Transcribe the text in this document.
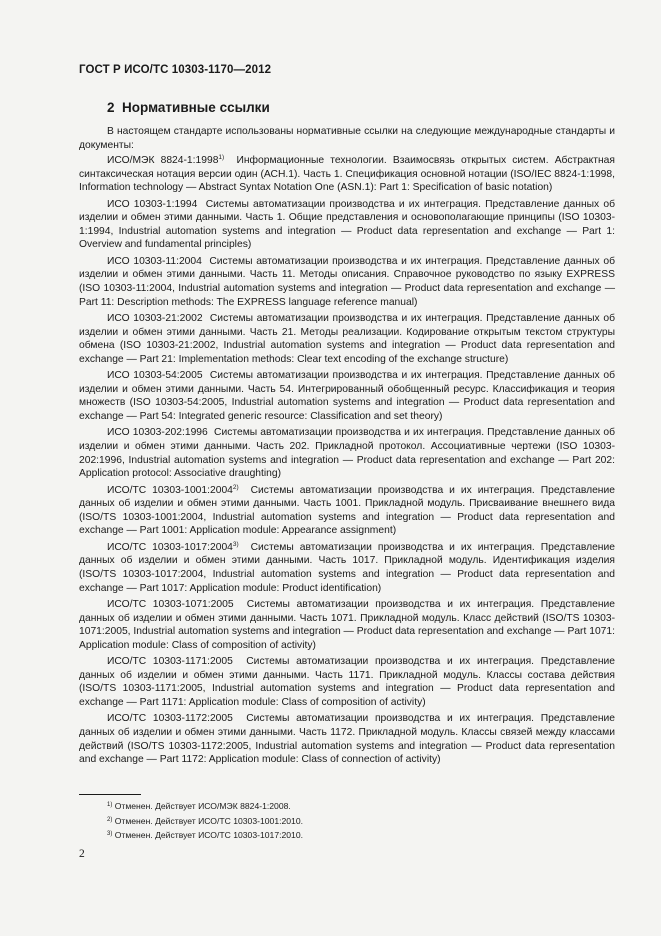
ГОСТ Р ИСО/ТС 10303-1170—2012
2 Нормативные ссылки

В настоящем стандарте использованы нормативные ссылки на следующие международные стандарты и документы:

ИСО/МЭК 8824-1:1998$^{1)}$ Информационные технологии. Взаимосвязь открытых систем. Абстрактная синтаксическая нотация версии один (АСН.1). Часть 1. Спецификация основной нотации (ISO/IEC 8824-1:1998, Information technology — Abstract Syntax Notation One (ASN.1): Part 1: Specification of basic notation)

ИСО 10303-1:1994 Системы автоматизации производства и их интеграция. Представление данных об изделии и обмен этими данными. Часть 1. Общие представления и основополагающие принципы (ISO 10303-1:1994, Industrial automation systems and integration — Product data representation and exchange — Part 1: Overview and fundamental principles)

ИСО 10303-11:2004 Системы автоматизации производства и их интеграция. Представление данных об изделии и обмен этими данными. Часть 11. Методы описания. Справочное руководство по языку EXPRESS (ISO 10303-11:2004, Industrial automation systems and integration — Product data representation and exchange — Part 11: Description methods: The EXPRESS language reference manual)

ИСО 10303-21:2002 Системы автоматизации производства и их интеграция. Представление данных об изделии и обмен этими данными. Часть 21. Методы реализации. Кодирование открытым текстом структуры обмена (ISO 10303-21:2002, Industrial automation systems and integration — Product data representation and exchange — Part 21: Implementation methods: Clear text encoding of the exchange structure)

ИСО 10303-54:2005 Системы автоматизации производства и их интеграция. Представление данных об изделии и обмен этими данными. Часть 54. Интегрированный обобщенный ресурс. Классификация и теория множеств (ISO 10303-54:2005, Industrial automation systems and integration — Product data representation and exchange — Part 54: Integrated generic resource: Classification and set theory)

ИСО 10303-202:1996 Системы автоматизации производства и их интеграция. Представление данных об изделии и обмен этими данными. Часть 202. Прикладной протокол. Ассоциативные чертежи (ISO 10303-202:1996, Industrial automation systems and integration — Product data representation and exchange — Part 202: Application protocol: Associative draughting)

ИСО/ТС 10303-1001:2004$^{2)}$ Системы автоматизации производства и их интеграция. Представление данных об изделии и обмен этими данными. Часть 1001. Прикладной модуль. Присваивание внешнего вида (ISO/TS 10303-1001:2004, Industrial automation systems and integration — Product data representation and exchange — Part 1001: Application module: Appearance assignment)

ИСО/ТС 10303-1017:2004$^{3)}$ Системы автоматизации производства и их интеграция. Представление данных об изделии и обмен этими данными. Часть 1017. Прикладной модуль. Идентификация изделия (ISO/TS 10303-1017:2004, Industrial automation systems and integration — Product data representation and exchange — Part 1017: Application module: Product identification)

ИСО/ТС 10303-1071:2005 Системы автоматизации производства и их интеграция. Представление данных об изделии и обмен этими данными. Часть 1071. Прикладной модуль. Класс действий (ISO/TS 10303-1071:2005, Industrial automation systems and integration — Product data representation and exchange — Part 1071: Application module: Class of composition of activity)

ИСО/ТС 10303-1171:2005 Системы автоматизации производства и их интеграция. Представление данных об изделии и обмен этими данными. Часть 1171. Прикладной модуль. Классы состава действия (ISO/TS 10303-1171:2005, Industrial automation systems and integration — Product data representation and exchange — Part 1171: Application module: Class of composition of activity)

ИСО/ТС 10303-1172:2005 Системы автоматизации производства и их интеграция. Представление данных об изделии и обмен этими данными. Часть 1172. Прикладной модуль. Классы связей между классами действий (ISO/TS 10303-1172:2005, Industrial automation systems and integration — Product data representation and exchange — Part 1172: Application module: Class of connection of activity)

$^{1)}$ Отменен. Действует ИСО/МЭК 8824-1:2008.
$^{2)}$ Отменен. Действует ИСО/ТС 10303-1001:2010.
$^{3)}$ Отменен. Действует ИСО/ТС 10303-1017:2010.
2
